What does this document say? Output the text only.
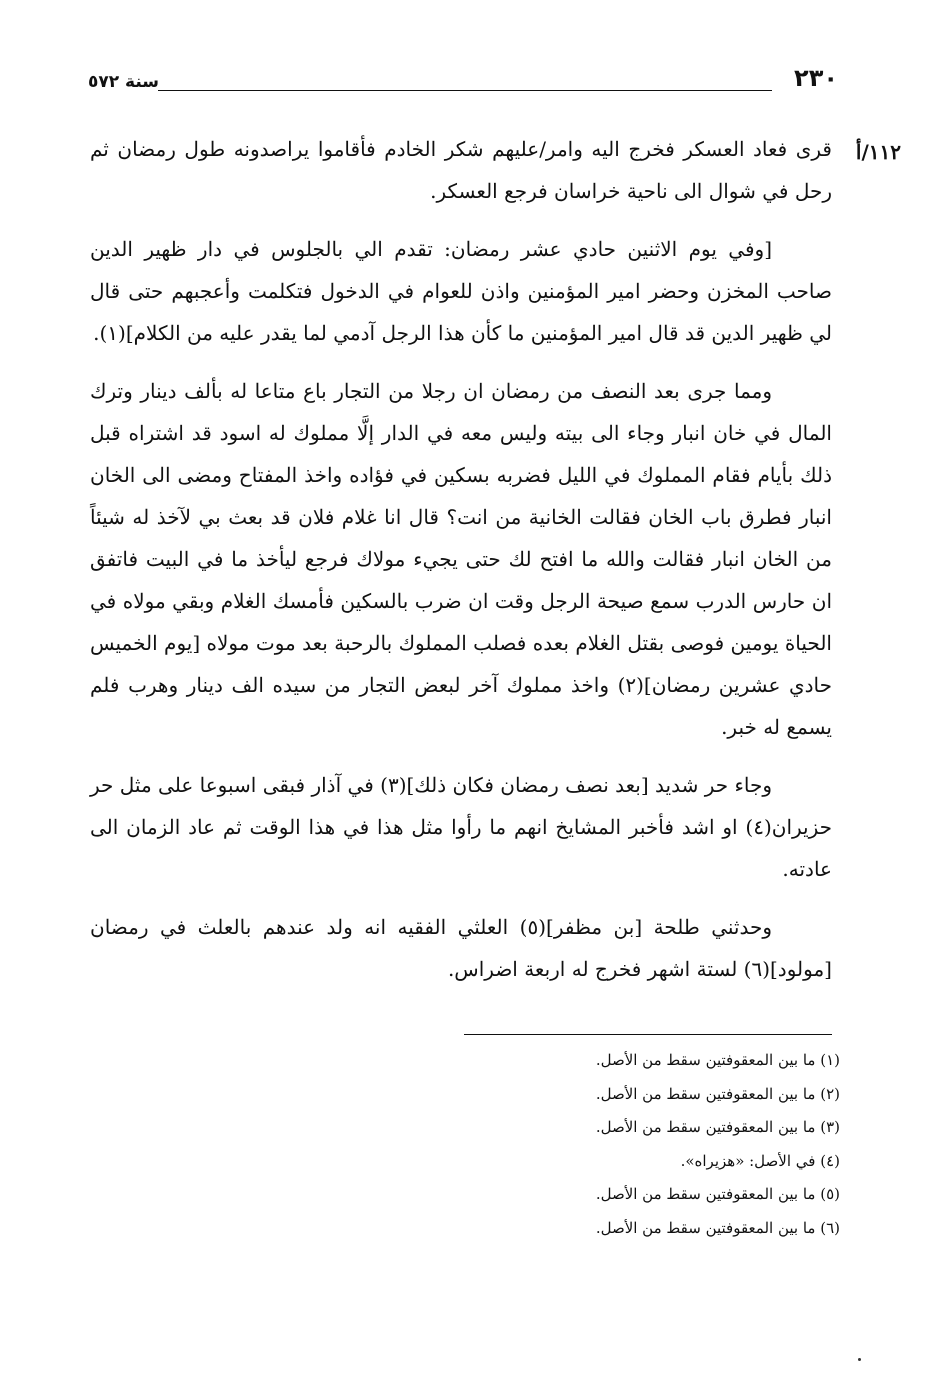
٢٣٠
سنة ٥٧٢
١١٢/أ

قرى فعاد العسكر فخرج اليه وامر/عليهم شكر الخادم فأقاموا يراصدونه طول رمضان ثم رحل في شوال الى ناحية خراسان فرجع العسكر.

[وفي يوم الاثنين حادي عشر رمضان: تقدم الي بالجلوس في دار ظهير الدين صاحب المخزن وحضر امير المؤمنين واذن للعوام في الدخول فتكلمت وأعجبهم حتى قال لي ظهير الدين قد قال امير المؤمنين ما كأن هذا الرجل آدمي لما يقدر عليه من الكلام](١).

ومما جرى بعد النصف من رمضان ان رجلا من التجار باع متاعا له بألف دينار وترك المال في خان انبار وجاء الى بيته وليس معه في الدار إلَّا مملوك له اسود قد اشتراه قبل ذلك بأيام فقام المملوك في الليل فضربه بسكين في فؤاده واخذ المفتاح ومضى الى الخان انبار فطرق باب الخان فقالت الخانية من انت؟ قال انا غلام فلان قد بعث بي لآخذ له شيئاً من الخان انبار فقالت والله ما افتح لك حتى يجيء مولاك فرجع ليأخذ ما في البيت فاتفق ان حارس الدرب سمع صيحة الرجل وقت ان ضرب بالسكين فأمسك الغلام وبقي مولاه في الحياة يومين فوصى بقتل الغلام بعده فصلب المملوك بالرحبة بعد موت مولاه [يوم الخميس حادي عشرين رمضان](٢) واخذ مملوك آخر لبعض التجار من سيده الف دينار وهرب فلم يسمع له خبر.

وجاء حر شديد [بعد نصف رمضان فكان ذلك](٣) في آذار فبقى اسبوعا على مثل حر حزيران(٤) او اشد فأخبر المشايخ انهم ما رأوا مثل هذا في هذا الوقت ثم عاد الزمان الى عادته.

وحدثني طلحة [بن مظفر](٥) العلثي الفقيه انه ولد عندهم بالعلث في رمضان [مولود](٦) لستة اشهر فخرج له اربعة اضراس.

(١) ما بين المعقوفتين سقط من الأصل.

(٢) ما بين المعقوفتين سقط من الأصل.

(٣) ما بين المعقوفتين سقط من الأصل.

(٤) في الأصل: «هزيراه».

(٥) ما بين المعقوفتين سقط من الأصل.

(٦) ما بين المعقوفتين سقط من الأصل.
